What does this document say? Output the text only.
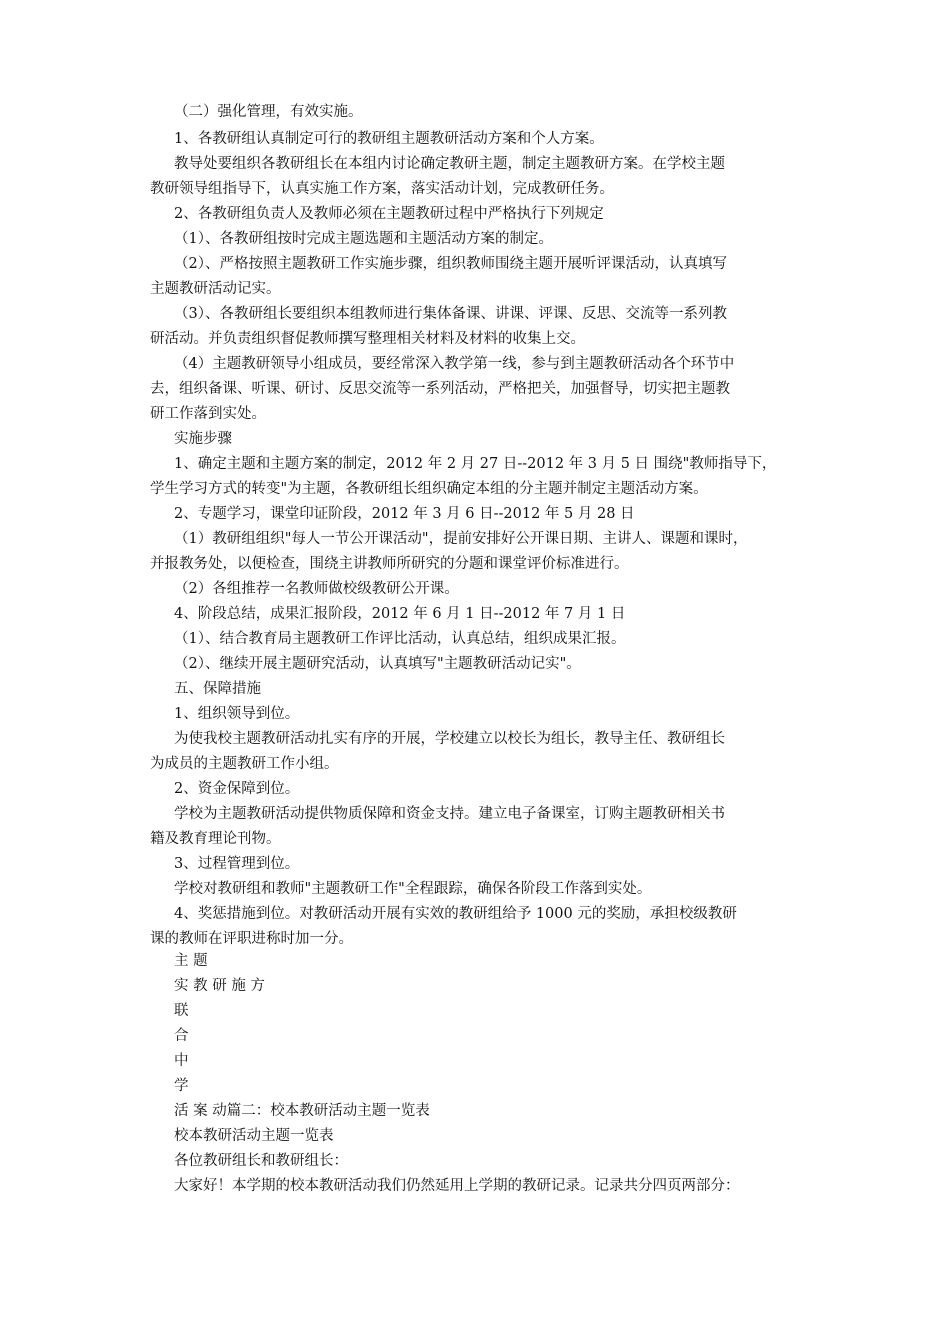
（二）强化管理，有效实施。
1、各教研组认真制定可行的教研组主题教研活动方案和个人方案。
教导处要组织各教研组长在本组内讨论确定教研主题，制定主题教研方案。在学校主题
教研领导组指导下，认真实施工作方案，落实活动计划，完成教研任务。
2、各教研组负责人及教师必须在主题教研过程中严格执行下列规定
（1）、各教研组按时完成主题选题和主题活动方案的制定。
（2）、严格按照主题教研工作实施步骤，组织教师围绕主题开展听评课活动，认真填写
主题教研活动记实。
（3）、各教研组长要组织本组教师进行集体备课、讲课、评课、反思、交流等一系列教
研活动。并负责组织督促教师撰写整理相关材料及材料的收集上交。
（4）主题教研领导小组成员，要经常深入教学第一线，参与到主题教研活动各个环节中
去，组织备课、听课、研讨、反思交流等一系列活动，严格把关，加强督导，切实把主题教
研工作落到实处。
实施步骤
1、确定主题和主题方案的制定，2012 年 2 月 27 日--2012 年 3 月 5 日 围绕"教师指导下，
学生学习方式的转变"为主题，各教研组长组织确定本组的分主题并制定主题活动方案。
2、专题学习，课堂印证阶段，2012 年 3 月 6 日--2012 年 5 月 28 日
（1）教研组组织"每人一节公开课活动"，提前安排好公开课日期、主讲人、课题和课时，
并报教务处，以便检查，围绕主讲教师所研究的分题和课堂评价标准进行。
（2）各组推荐一名教师做校级教研公开课。
4、阶段总结，成果汇报阶段，2012 年 6 月 1 日--2012 年 7 月 1 日
（1）、结合教育局主题教研工作评比活动，认真总结，组织成果汇报。
（2）、继续开展主题研究活动，认真填写"主题教研活动记实"。
五、保障措施
1、组织领导到位。
为使我校主题教研活动扎实有序的开展，学校建立以校长为组长，教导主任、教研组长
为成员的主题教研工作小组。
2、资金保障到位。
学校为主题教研活动提供物质保障和资金支持。建立电子备课室，订购主题教研相关书
籍及教育理论刊物。
3、过程管理到位。
学校对教研组和教师"主题教研工作"全程跟踪，确保各阶段工作落到实处。
4、奖惩措施到位。对教研活动开展有实效的教研组给予 1000 元的奖励，承担校级教研
课的教师在评职进称时加一分。
主 题
实 教 研 施 方
联
合
中
学
活 案 动篇二：校本教研活动主题一览表
校本教研活动主题一览表
各位教研组长和教研组长：
大家好！本学期的校本教研活动我们仍然延用上学期的教研记录。记录共分四页两部分：
